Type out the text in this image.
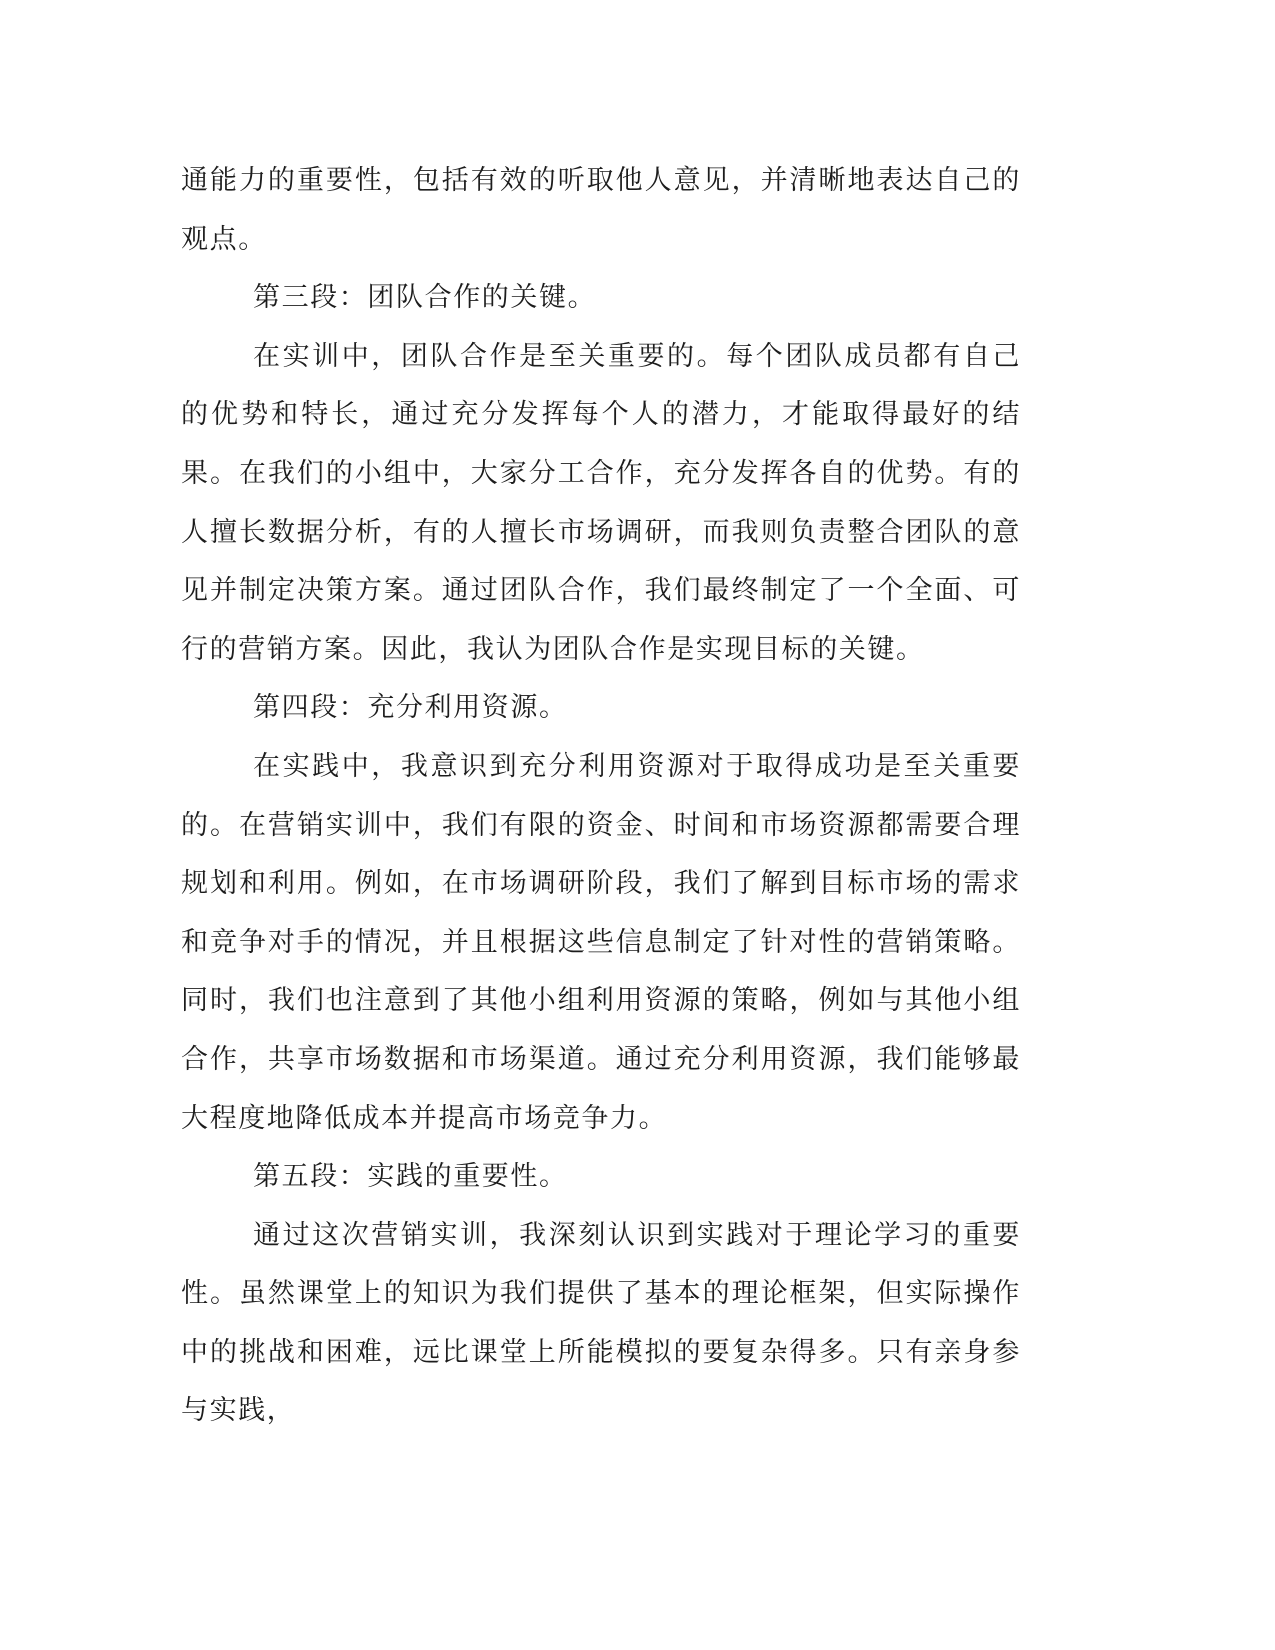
通能力的重要性，包括有效的听取他人意见，并清晰地表达自己的观点。

第三段：团队合作的关键。

在实训中，团队合作是至关重要的。每个团队成员都有自己的优势和特长，通过充分发挥每个人的潜力，才能取得最好的结果。在我们的小组中，大家分工合作，充分发挥各自的优势。有的人擅长数据分析，有的人擅长市场调研，而我则负责整合团队的意见并制定决策方案。通过团队合作，我们最终制定了一个全面、可行的营销方案。因此，我认为团队合作是实现目标的关键。

第四段：充分利用资源。

在实践中，我意识到充分利用资源对于取得成功是至关重要的。在营销实训中，我们有限的资金、时间和市场资源都需要合理规划和利用。例如，在市场调研阶段，我们了解到目标市场的需求和竞争对手的情况，并且根据这些信息制定了针对性的营销策略。同时，我们也注意到了其他小组利用资源的策略，例如与其他小组合作，共享市场数据和市场渠道。通过充分利用资源，我们能够最大程度地降低成本并提高市场竞争力。

第五段：实践的重要性。

通过这次营销实训，我深刻认识到实践对于理论学习的重要性。虽然课堂上的知识为我们提供了基本的理论框架，但实际操作中的挑战和困难，远比课堂上所能模拟的要复杂得多。只有亲身参与实践，
